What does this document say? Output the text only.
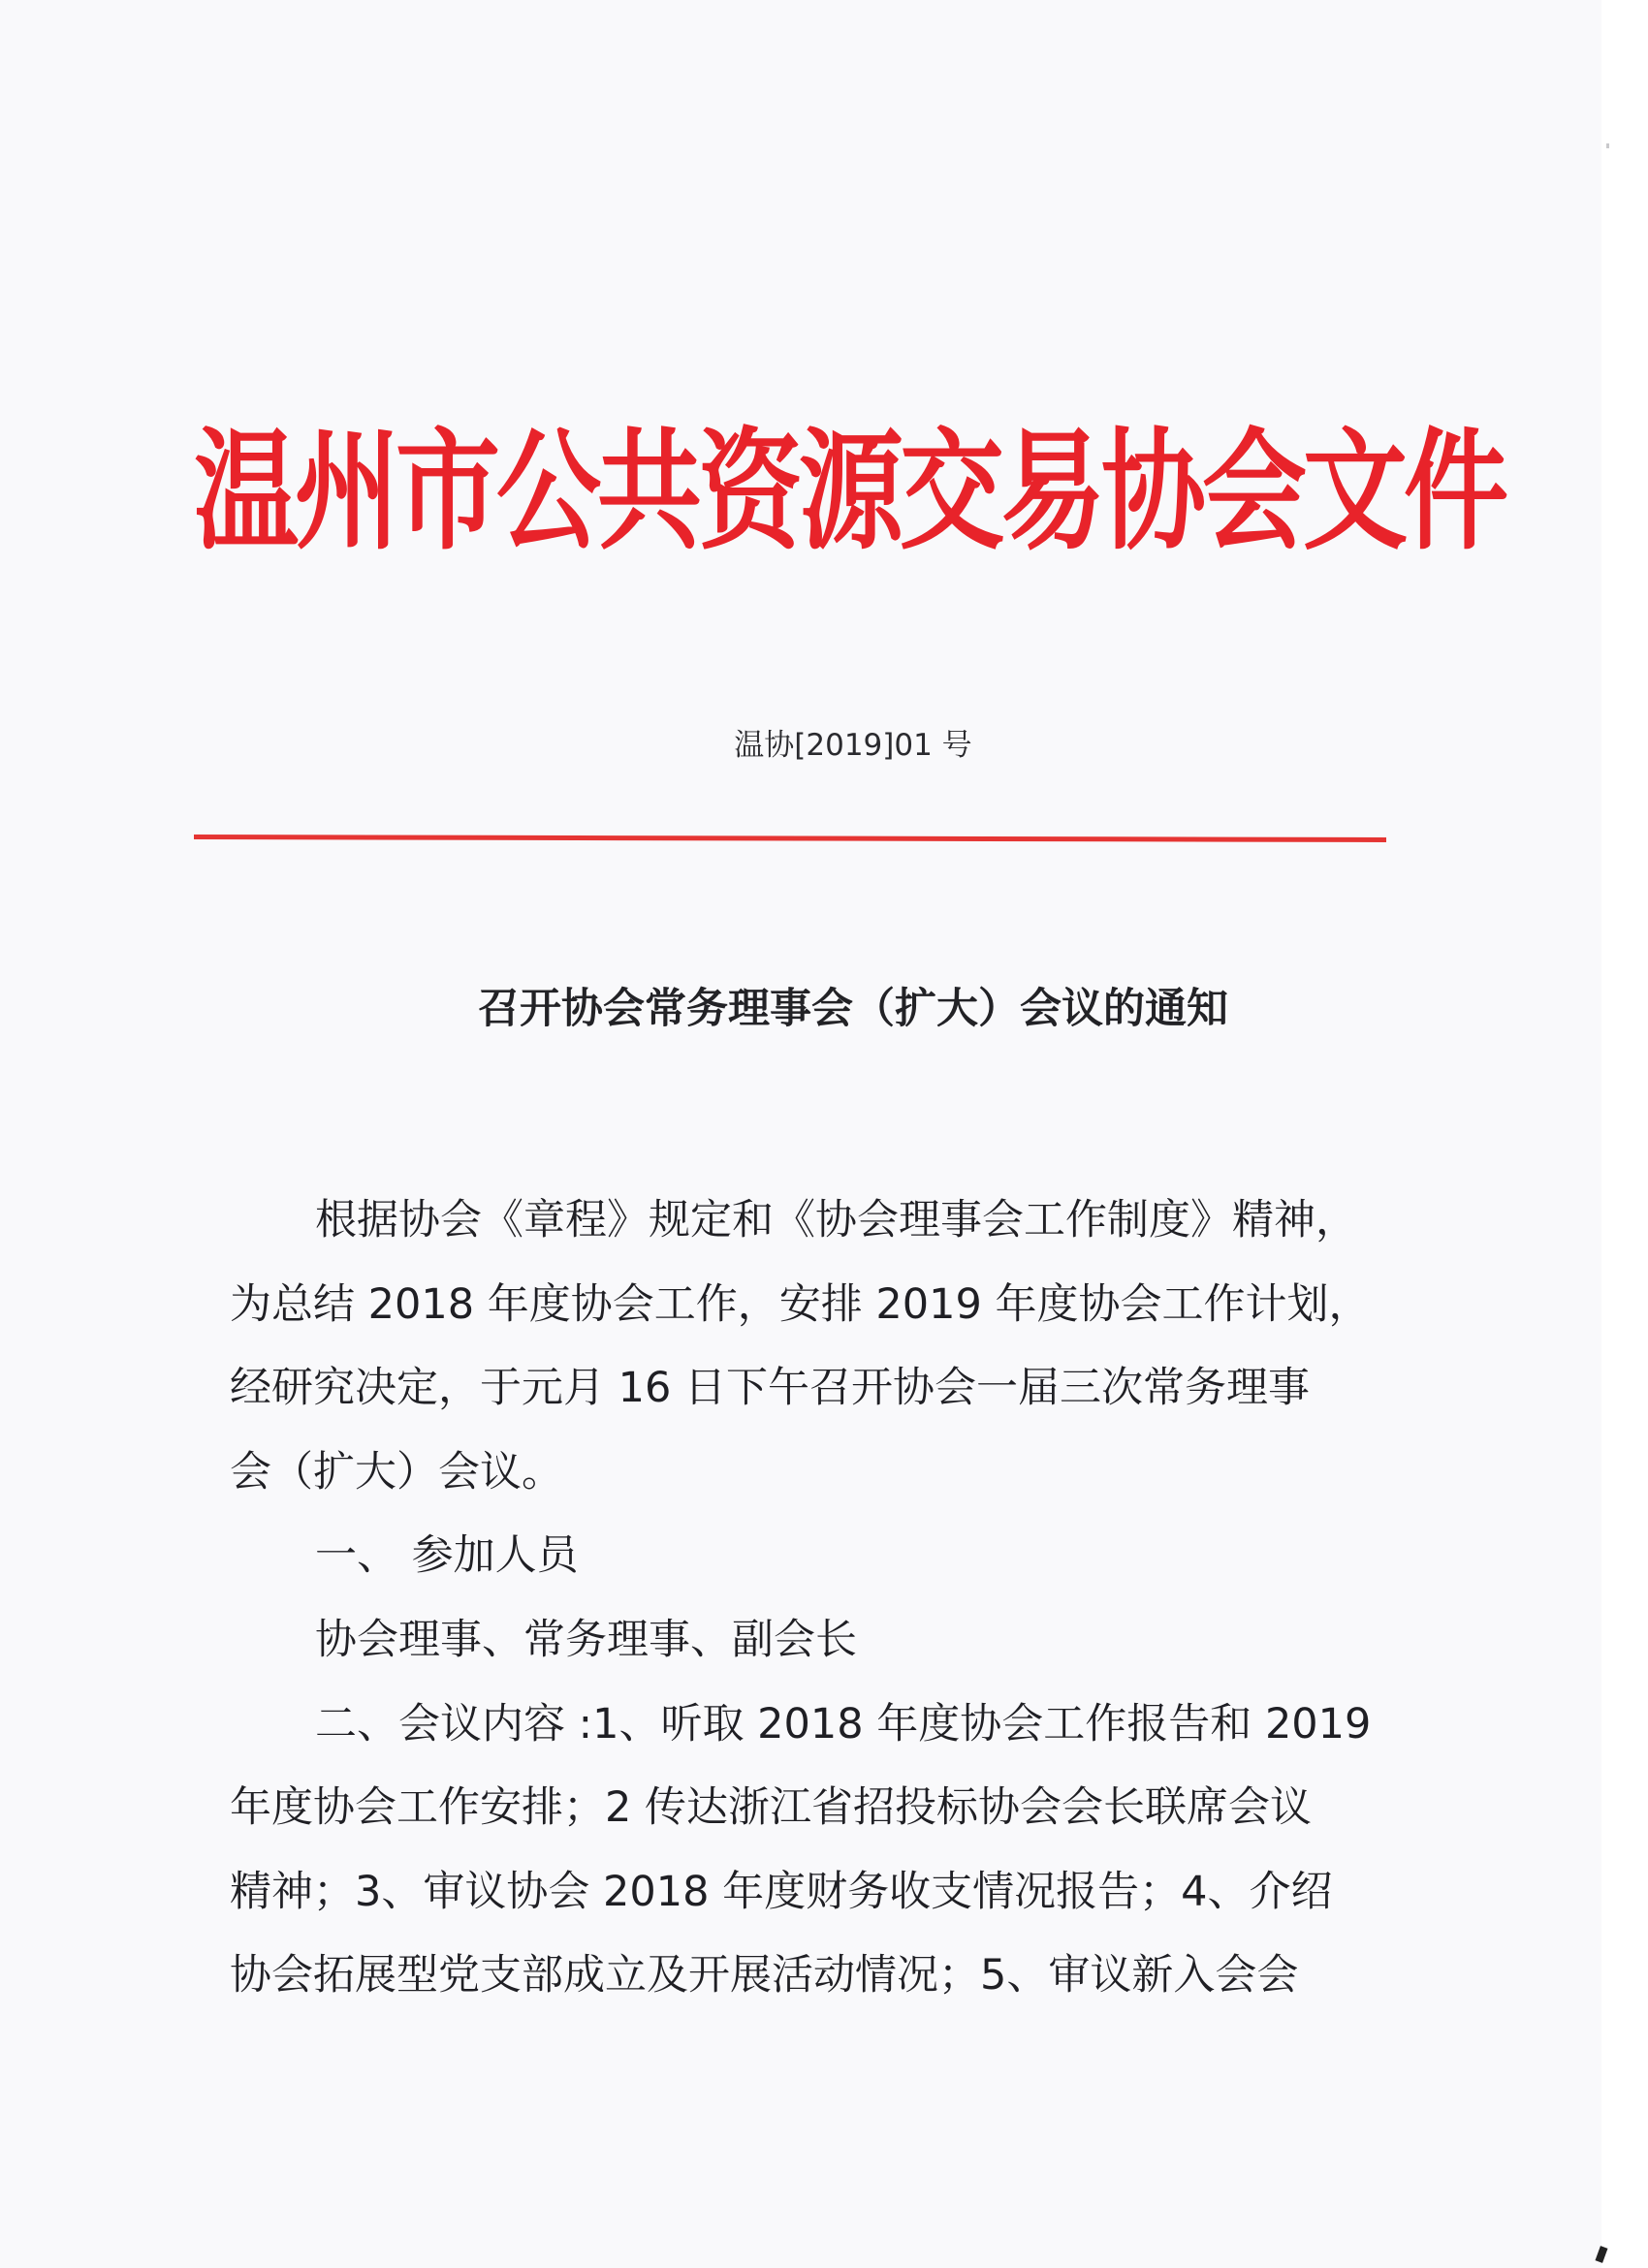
温州市公共资源交易协会文件
温协[2019]01 号
召开协会常务理事会（扩大）会议的通知
根据协会《章程》规定和《协会理事会工作制度》精神，
为总结 2018 年度协会工作，安排 2019 年度协会工作计划，
经研究决定，于元月 16 日下午召开协会一届三次常务理事
会（扩大）会议。
一、 参加人员
协会理事、常务理事、副会长
二、会议内容 :1、听取 2018 年度协会工作报告和 2019
年度协会工作安排；2 传达浙江省招投标协会会长联席会议
精神；3、审议协会 2018 年度财务收支情况报告；4、介绍
协会拓展型党支部成立及开展活动情况；5、审议新入会会
